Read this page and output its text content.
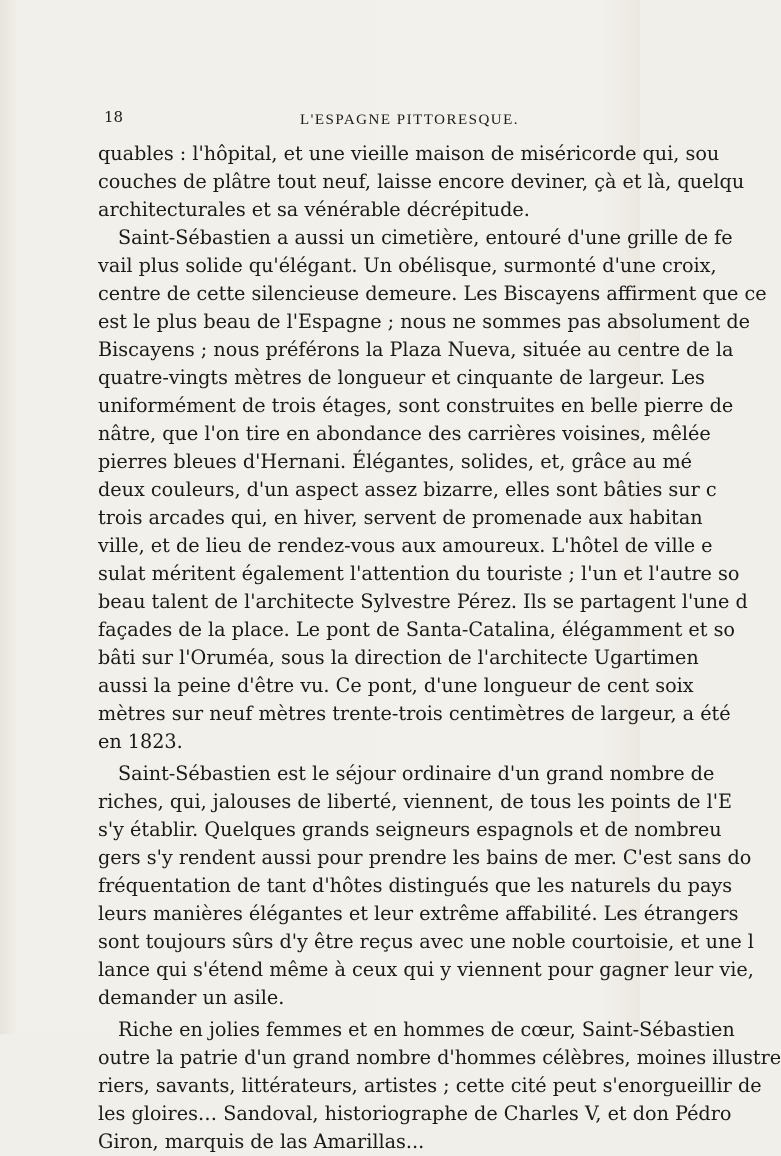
18	L'ESPAGNE PITTORESQUE.

quables : l'hôpital, et une vieille maison de miséricorde qui, sou
couches de plâtre tout neuf, laisse encore deviner, çà et là, quelqu
architecturales et sa vénérable décrépitude.

Saint-Sébastien a aussi un cimetière, entouré d'une grille de fe
vail plus solide qu'élégant. Un obélisque, surmonté d'une croix,
centre de cette silencieuse demeure. Les Biscayens affirment que ce
est le plus beau de l'Espagne ; nous ne sommes pas absolument de
Biscayens ; nous préférons la Plaza Nueva, située au centre de la
quatre-vingts mètres de longueur et cinquante de largeur. Les
uniformément de trois étages, sont construites en belle pierre de
nâtre, que l'on tire en abondance des carrières voisines, mêlée
pierres bleues d'Hernani. Élégantes, solides, et, grâce au mé
deux couleurs, d'un aspect assez bizarre, elles sont bâties sur c
trois arcades qui, en hiver, servent de promenade aux habitan
ville, et de lieu de rendez-vous aux amoureux. L'hôtel de ville e
sulat méritent également l'attention du touriste ; l'un et l'autre so
beau talent de l'architecte Sylvestre Pérez. Ils se partagent l'une d
façades de la place. Le pont de Santa-Catalina, élégamment et so
bâti sur l'Oruméa, sous la direction de l'architecte Ugartimen
aussi la peine d'être vu. Ce pont, d'une longueur de cent soix
mètres sur neuf mètres trente-trois centimètres de largeur, a été
en 1823.

Saint-Sébastien est le séjour ordinaire d'un grand nombre de
riches, qui, jalouses de liberté, viennent, de tous les points de l'E
s'y établir. Quelques grands seigneurs espagnols et de nombreu
gers s'y rendent aussi pour prendre les bains de mer. C'est sans do
fréquentation de tant d'hôtes distingués que les naturels du pays
leurs manières élégantes et leur extrême affabilité. Les étrangers
sont toujours sûrs d'y être reçus avec une noble courtoisie, et une l
lance qui s'étend même à ceux qui y viennent pour gagner leur vie,
demander un asile.

Riche en jolies femmes et en hommes de cœur, Saint-Sébastien
outre la patrie d'un grand nombre d'hommes célèbres, moines illustre
riers, savants, littérateurs, artistes ; cette cité peut s'enorgueillir de
les gloires… Sandoval, historiographe de Charles V, et don Pédro
Giron, marquis de las Amarillas...
